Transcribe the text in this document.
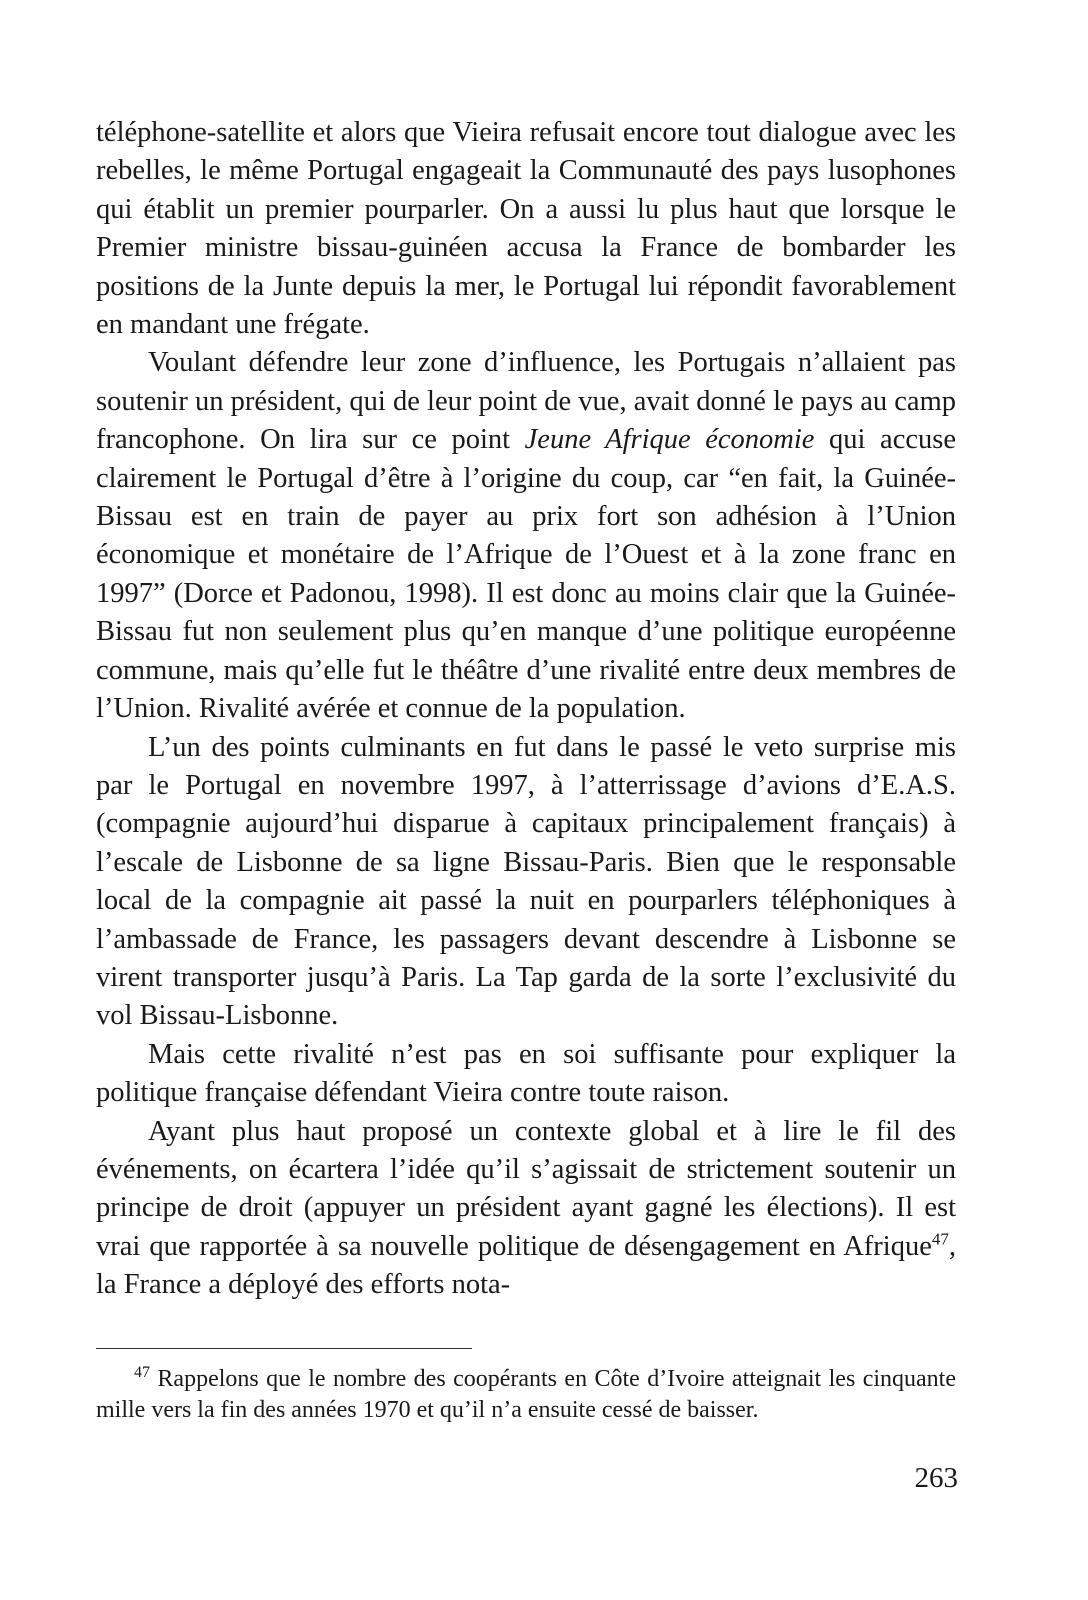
téléphone-satellite et alors que Vieira refusait encore tout dialogue avec les rebelles, le même Portugal engageait la Communauté des pays lusophones qui établit un premier pourparler. On a aussi lu plus haut que lorsque le Premier ministre bissau-guinéen accusa la France de bombarder les positions de la Junte depuis la mer, le Portugal lui répondit favorablement en mandant une frégate.

Voulant défendre leur zone d’influence, les Portugais n’allaient pas soutenir un président, qui de leur point de vue, avait donné le pays au camp francophone. On lira sur ce point Jeune Afrique économie qui accuse clairement le Portugal d’être à l’origine du coup, car “en fait, la Guinée-Bissau est en train de payer au prix fort son adhésion à l’Union économique et monétaire de l’Afrique de l’Ouest et à la zone franc en 1997” (Dorce et Padonou, 1998). Il est donc au moins clair que la Guinée-Bissau fut non seulement plus qu’en manque d’une politique européenne commune, mais qu’elle fut le théâtre d’une rivalité entre deux membres de l’Union. Rivalité avérée et connue de la population.

L’un des points culminants en fut dans le passé le veto surprise mis par le Portugal en novembre 1997, à l’atterrissage d’avions d’E.A.S. (compagnie aujourd’hui disparue à capitaux principalement français) à l’escale de Lisbonne de sa ligne Bissau-Paris. Bien que le responsable local de la compagnie ait passé la nuit en pourparlers téléphoniques à l’ambassade de France, les passagers devant descendre à Lisbonne se virent transporter jusqu’à Paris. La Tap garda de la sorte l’exclusivité du vol Bissau-Lisbonne.

Mais cette rivalité n’est pas en soi suffisante pour expliquer la politique française défendant Vieira contre toute raison.

Ayant plus haut proposé un contexte global et à lire le fil des événements, on écartera l’idée qu’il s’agissait de strictement soutenir un principe de droit (appuyer un président ayant gagné les élections). Il est vrai que rapportée à sa nouvelle politique de désengagement en Afrique$^{47}$, la France a déployé des efforts nota-

$^{47}$ Rappelons que le nombre des coopérants en Côte d’Ivoire atteignait les cinquante mille vers la fin des années 1970 et qu’il n’a ensuite cessé de baisser.

263
